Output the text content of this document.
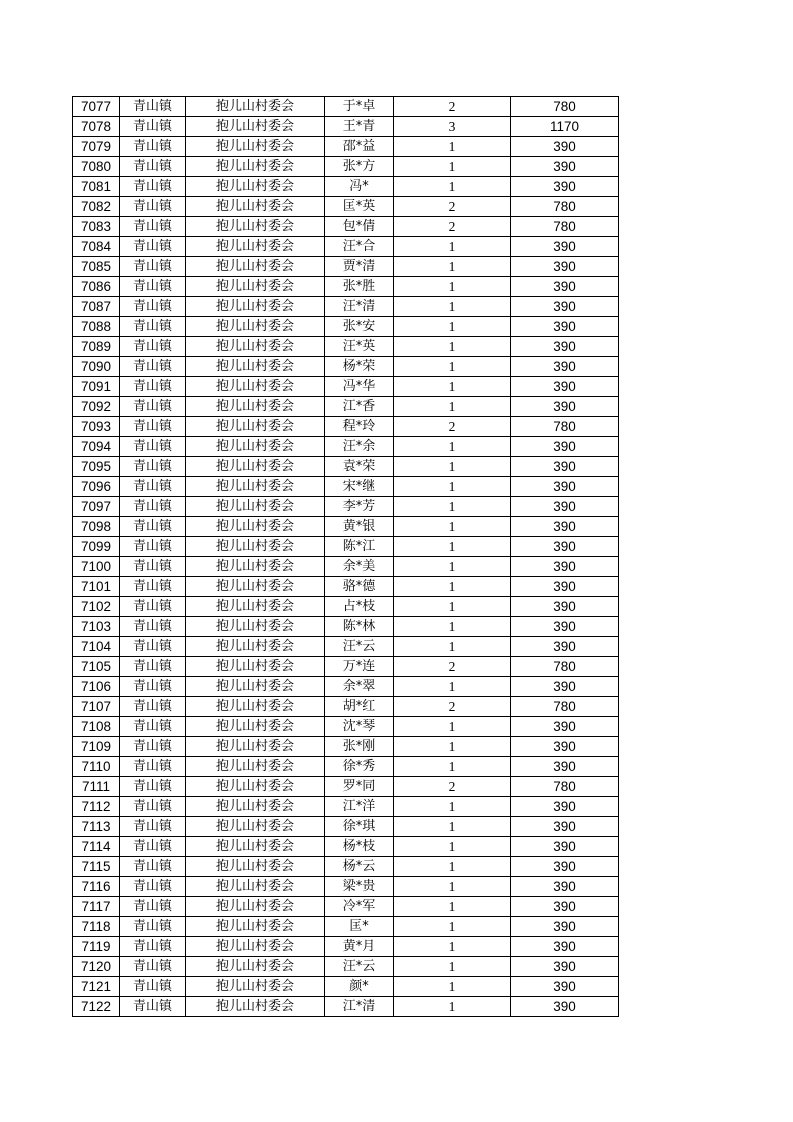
7077	青山镇	抱儿山村委会	于*卓	2	780
7078	青山镇	抱儿山村委会	王*青	3	1170
7079	青山镇	抱儿山村委会	邵*益	1	390
7080	青山镇	抱儿山村委会	张*方	1	390
7081	青山镇	抱儿山村委会	冯*	1	390
7082	青山镇	抱儿山村委会	匡*英	2	780
7083	青山镇	抱儿山村委会	包*倩	2	780
7084	青山镇	抱儿山村委会	汪*合	1	390
7085	青山镇	抱儿山村委会	贾*清	1	390
7086	青山镇	抱儿山村委会	张*胜	1	390
7087	青山镇	抱儿山村委会	汪*清	1	390
7088	青山镇	抱儿山村委会	张*安	1	390
7089	青山镇	抱儿山村委会	汪*英	1	390
7090	青山镇	抱儿山村委会	杨*荣	1	390
7091	青山镇	抱儿山村委会	冯*华	1	390
7092	青山镇	抱儿山村委会	江*香	1	390
7093	青山镇	抱儿山村委会	程*玲	2	780
7094	青山镇	抱儿山村委会	汪*余	1	390
7095	青山镇	抱儿山村委会	袁*荣	1	390
7096	青山镇	抱儿山村委会	宋*继	1	390
7097	青山镇	抱儿山村委会	李*芳	1	390
7098	青山镇	抱儿山村委会	黄*银	1	390
7099	青山镇	抱儿山村委会	陈*江	1	390
7100	青山镇	抱儿山村委会	余*美	1	390
7101	青山镇	抱儿山村委会	骆*德	1	390
7102	青山镇	抱儿山村委会	占*枝	1	390
7103	青山镇	抱儿山村委会	陈*林	1	390
7104	青山镇	抱儿山村委会	汪*云	1	390
7105	青山镇	抱儿山村委会	万*连	2	780
7106	青山镇	抱儿山村委会	余*翠	1	390
7107	青山镇	抱儿山村委会	胡*红	2	780
7108	青山镇	抱儿山村委会	沈*琴	1	390
7109	青山镇	抱儿山村委会	张*刚	1	390
7110	青山镇	抱儿山村委会	徐*秀	1	390
7111	青山镇	抱儿山村委会	罗*同	2	780
7112	青山镇	抱儿山村委会	江*洋	1	390
7113	青山镇	抱儿山村委会	徐*琪	1	390
7114	青山镇	抱儿山村委会	杨*枝	1	390
7115	青山镇	抱儿山村委会	杨*云	1	390
7116	青山镇	抱儿山村委会	梁*贵	1	390
7117	青山镇	抱儿山村委会	冷*军	1	390
7118	青山镇	抱儿山村委会	匡*	1	390
7119	青山镇	抱儿山村委会	黄*月	1	390
7120	青山镇	抱儿山村委会	汪*云	1	390
7121	青山镇	抱儿山村委会	颜*	1	390
7122	青山镇	抱儿山村委会	江*清	1	390
